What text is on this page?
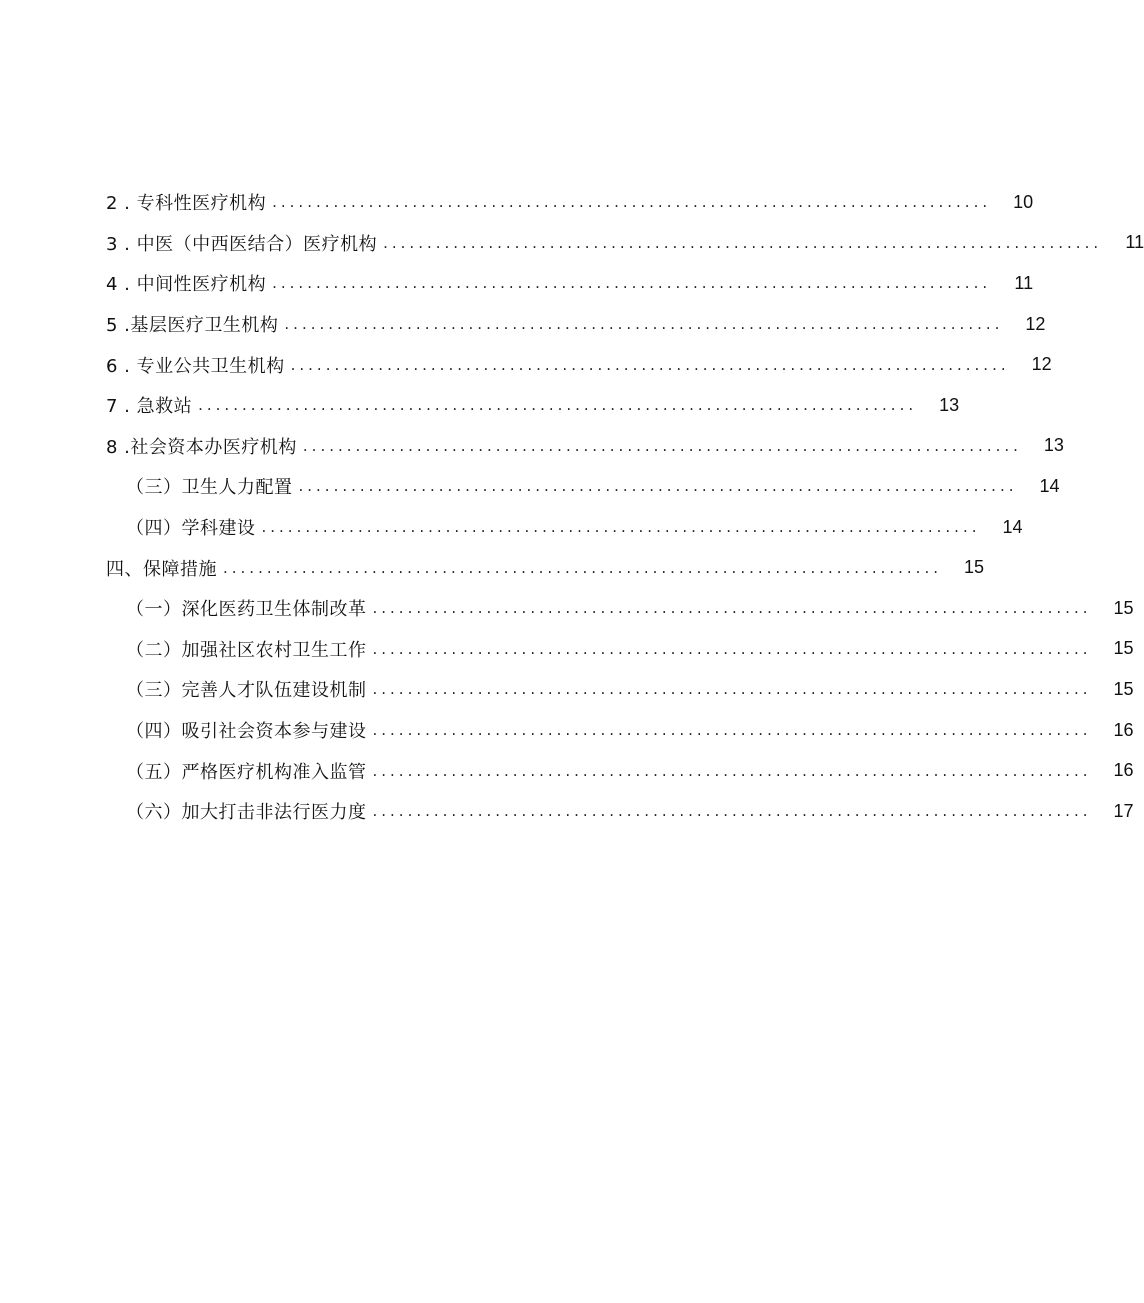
2 . 专科性医疗机构 ..................................................................................	10
3 . 中医（中西医结合）医疗机构 ..................................................................................	11
4 . 中间性医疗机构 ..................................................................................	11
5 .基层医疗卫生机构 ..................................................................................	12
6 . 专业公共卫生机构 ..................................................................................	12
7 . 急救站 ..................................................................................	13
8 .社会资本办医疗机构 ..................................................................................	13
（三）卫生人力配置 ..................................................................................	14
（四）学科建设 ..................................................................................	14
四、保障措施 ..................................................................................	15
（一）深化医药卫生体制改革 ..................................................................................	15
（二）加强社区农村卫生工作 ..................................................................................	15
（三）完善人才队伍建设机制 ..................................................................................	15
（四）吸引社会资本参与建设 ..................................................................................	16
（五）严格医疗机构准入监管 ..................................................................................	16
（六）加大打击非法行医力度 ..................................................................................	17
